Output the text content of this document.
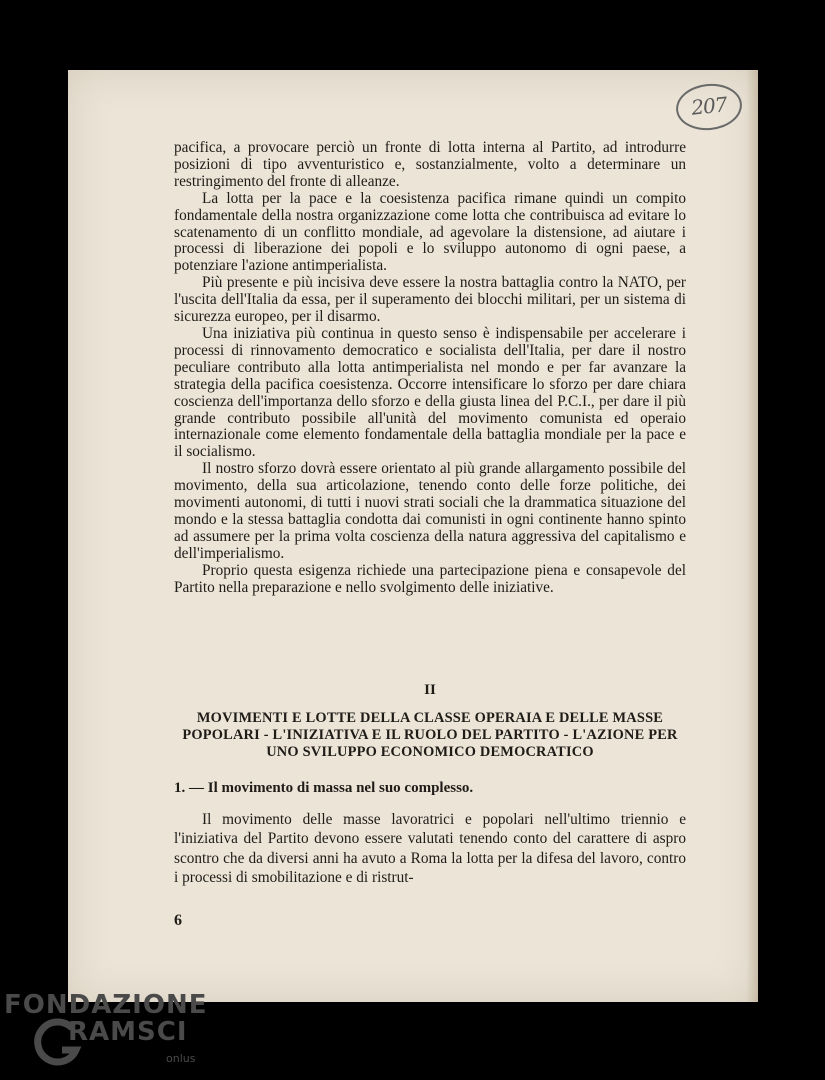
207

pacifica, a provocare perciò un fronte di lotta interna al Partito, ad introdurre posizioni di tipo avventuristico e, sostanzialmente, volto a determinare un restringimento del fronte di alleanze.

La lotta per la pace e la coesistenza pacifica rimane quindi un compito fondamentale della nostra organizzazione come lotta che contribuisca ad evitare lo scatenamento di un conflitto mondiale, ad agevolare la distensione, ad aiutare i processi di liberazione dei popoli e lo sviluppo autonomo di ogni paese, a potenziare l'azione antimperialista.

Più presente e più incisiva deve essere la nostra battaglia contro la NATO, per l'uscita dell'Italia da essa, per il superamento dei blocchi militari, per un sistema di sicurezza europeo, per il disarmo.

Una iniziativa più continua in questo senso è indispensabile per accelerare i processi di rinnovamento democratico e socialista dell'Italia, per dare il nostro peculiare contributo alla lotta antimperialista nel mondo e per far avanzare la strategia della pacifica coesistenza. Occorre intensificare lo sforzo per dare chiara coscienza dell'importanza dello sforzo e della giusta linea del P.C.I., per dare il più grande contributo possibile all'unità del movimento comunista ed operaio internazionale come elemento fondamentale della battaglia mondiale per la pace e il socialismo.

Il nostro sforzo dovrà essere orientato al più grande allargamento possibile del movimento, della sua articolazione, tenendo conto delle forze politiche, dei movimenti autonomi, di tutti i nuovi strati sociali che la drammatica situazione del mondo e la stessa battaglia condotta dai comunisti in ogni continente hanno spinto ad assumere per la prima volta coscienza della natura aggressiva del capitalismo e dell'imperialismo.

Proprio questa esigenza richiede una partecipazione piena e consapevole del Partito nella preparazione e nello svolgimento delle iniziative.

II
MOVIMENTI E LOTTE DELLA CLASSE OPERAIA E DELLE MASSE POPOLARI - L'INIZIATIVA E IL RUOLO DEL PARTITO - L'AZIONE PER UNO SVILUPPO ECONOMICO DEMOCRATICO
1. — Il movimento di massa nel suo complesso.

Il movimento delle masse lavoratrici e popolari nell'ultimo triennio e l'iniziativa del Partito devono essere valutati tenendo conto del carattere di aspro scontro che da diversi anni ha avuto a Roma la lotta per la difesa del lavoro, contro i processi di smobilitazione e di ristrut-

6
FONDAZIONE
RAMSCI
onlus
